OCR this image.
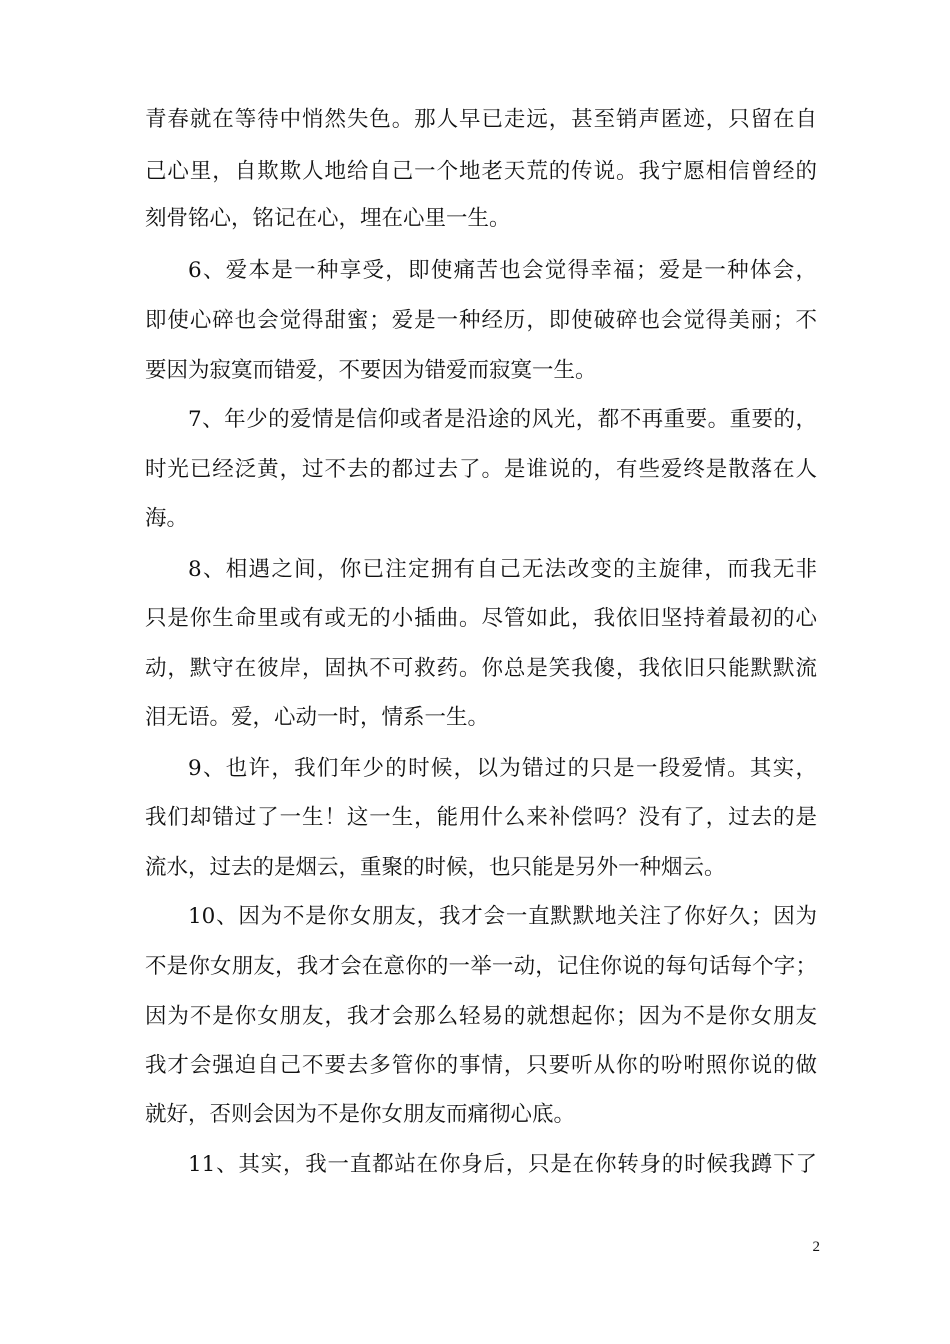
青春就在等待中悄然失色。那人早已走远，甚至销声匿迹，只留在自
己心里，自欺欺人地给自己一个地老天荒的传说。我宁愿相信曾经的
刻骨铭心，铭记在心，埋在心里一生。
6、爱本是一种享受，即使痛苦也会觉得幸福；爱是一种体会，
即使心碎也会觉得甜蜜；爱是一种经历，即使破碎也会觉得美丽；不
要因为寂寞而错爱，不要因为错爱而寂寞一生。
7、年少的爱情是信仰或者是沿途的风光，都不再重要。重要的，
时光已经泛黄，过不去的都过去了。是谁说的，有些爱终是散落在人
海。
8、相遇之间，你已注定拥有自己无法改变的主旋律，而我无非
只是你生命里或有或无的小插曲。尽管如此，我依旧坚持着最初的心
动，默守在彼岸，固执不可救药。你总是笑我傻，我依旧只能默默流
泪无语。爱，心动一时，情系一生。
9、也许，我们年少的时候，以为错过的只是一段爱情。其实，
我们却错过了一生！这一生，能用什么来补偿吗？没有了，过去的是
流水，过去的是烟云，重聚的时候，也只能是另外一种烟云。
10、因为不是你女朋友，我才会一直默默地关注了你好久；因为
不是你女朋友，我才会在意你的一举一动，记住你说的每句话每个字；
因为不是你女朋友，我才会那么轻易的就想起你；因为不是你女朋友
我才会强迫自己不要去多管你的事情，只要听从你的吩咐照你说的做
就好，否则会因为不是你女朋友而痛彻心底。
11、其实，我一直都站在你身后，只是在你转身的时候我蹲下了
2
